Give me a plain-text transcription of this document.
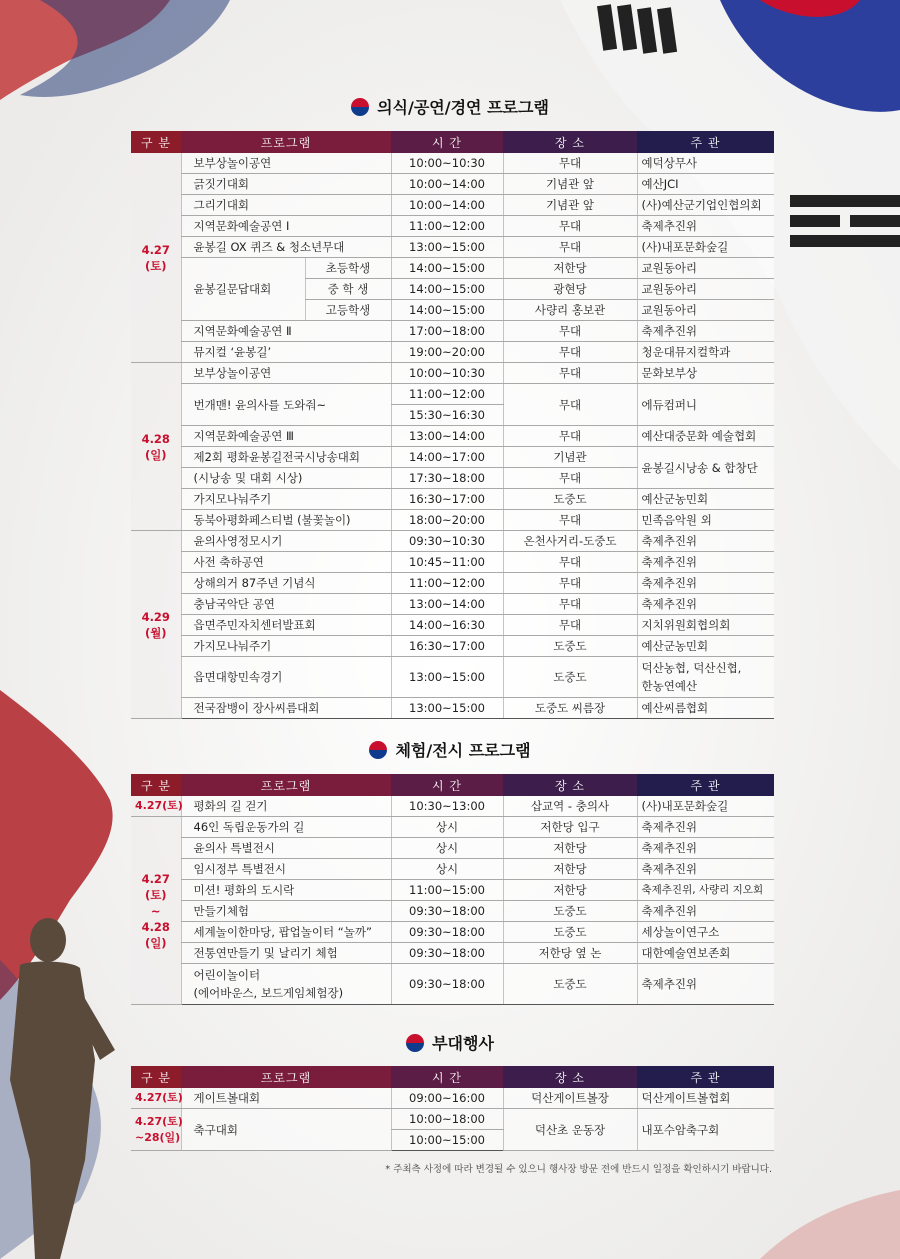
의식/공연/경연 프로그램
구 분	프로그램		시 간	장 소	주 관
4.27
(토)	보부상놀이공연		10:00~10:30	무대	예덕상무사
	긁짓기대회		10:00~14:00	기념관 앞	예산JCI
	그리기대회		10:00~14:00	기념관 앞	(사)예산군기업인협의회
	지역문화예술공연 Ⅰ		11:00~12:00	무대	축제추진위
	윤봉길 OX 퀴즈 & 청소년무대		13:00~15:00	무대	(사)내포문화숲길
	윤봉길문답대회	초등학생	14:00~15:00	저한당	교원동아리
		중 학 생	14:00~15:00	광현당	교원동아리
		고등학생	14:00~15:00	사량리 홍보관	교원동아리
	지역문화예술공연 Ⅱ		17:00~18:00	무대	축제추진위
	뮤지컬 ‘윤봉길’		19:00~20:00	무대	청운대뮤지컬학과
4.28
(일)	보부상놀이공연		10:00~10:30	무대	문화보부상
	번개맨! 윤의사를 도와줘~		11:00~12:00	무대	에듀컴퍼니
			15:30~16:30		
	지역문화예술공연 Ⅲ		13:00~14:00	무대	예산대중문화 예술협회
	제2회 평화윤봉길전국시낭송대회		14:00~17:00	기념관	윤봉길시낭송 & 합창단
	(시낭송 및 대회 시상)		17:30~18:00	무대	
	가지모나눠주기		16:30~17:00	도중도	예산군농민회
	동북아평화페스티벌 (불꽃놀이)		18:00~20:00	무대	민족음악원 외
4.29
(월)	윤의사영정모시기		09:30~10:30	온천사거리-도중도	축제추진위
	사전 축하공연		10:45~11:00	무대	축제추진위
	상해의거 87주년 기념식		11:00~12:00	무대	축제추진위
	충남국악단 공연		13:00~14:00	무대	축제추진위
	읍면주민자치센터발표회		14:00~16:30	무대	지치위원회협의회
	가지모나눠주기		16:30~17:00	도중도	예산군농민회
	읍면대항민속경기		13:00~15:00	도중도	덕산농협, 덕산신협,
한농연예산
	전국잠뱅이 장사씨름대회		13:00~15:00	도중도 씨름장	예산씨름협회
체험/전시 프로그램
구 분	프로그램	시 간	장 소	주 관
4.27(토)	평화의 길 걷기	10:30~13:00	삽교역 - 충의사	(사)내포문화숲길
4.27
(토)
~
4.28
(일)	46인 독립운동가의 길	상시	저한당 입구	축제추진위
	윤의사 특별전시	상시	저한당	축제추진위
	임시정부 특별전시	상시	저한당	축제추진위
	미션! 평화의 도시락	11:00~15:00	저한당	축제추진위, 사량리 지오회
	만들기체험	09:30~18:00	도중도	축제추진위
	세계놀이한마당, 팝업놀이터 “놀까”	09:30~18:00	도중도	세상놀이연구소
	전통연만들기 및 날리기 체험	09:30~18:00	저한당 옆 논	대한예술연보존회
	어린이놀이터
(에어바운스, 보드게임체험장)	09:30~18:00	도중도	축제추진위
부대행사
구 분	프로그램	시 간	장 소	주 관
4.27(토)	게이트볼대회	09:00~16:00	덕산게이트볼장	덕산게이트볼협회
4.27(토)
~28(일)	축구대회	10:00~18:00	덕산초 운동장	내포수암축구회
		10:00~15:00		
* 주최측 사정에 따라 변경될 수 있으니 행사장 방문 전에 반드시 일정을 확인하시기 바랍니다.
